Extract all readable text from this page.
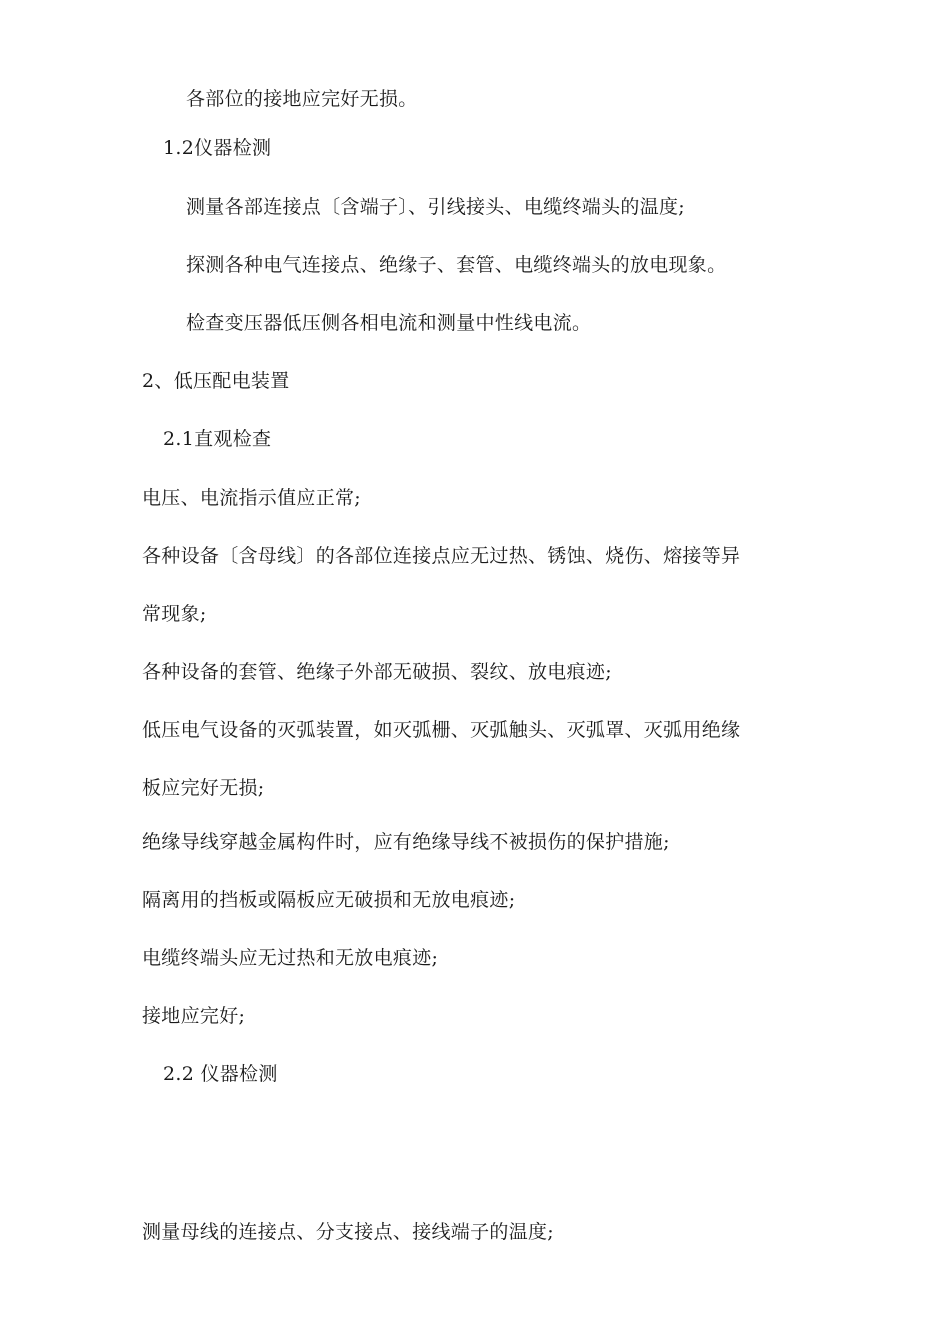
各部位的接地应完好无损。
1.2仪器检测
测量各部连接点〔含端子〕、引线接头、电缆终端头的温度;
探测各种电气连接点、绝缘子、套管、电缆终端头的放电现象。
检查变压器低压侧各相电流和测量中性线电流。
2、低压配电装置
2.1直观检查
电压、电流指示值应正常;
各种设备〔含母线〕的各部位连接点应无过热、锈蚀、烧伤、熔接等异
常现象;
各种设备的套管、绝缘子外部无破损、裂纹、放电痕迹;
低压电气设备的灭弧装置，如灭弧栅、灭弧触头、灭弧罩、灭弧用绝缘
板应完好无损;
绝缘导线穿越金属构件时，应有绝缘导线不被损伤的保护措施;
隔离用的挡板或隔板应无破损和无放电痕迹;
电缆终端头应无过热和无放电痕迹;
接地应完好;
2.2 仪器检测
测量母线的连接点、分支接点、接线端子的温度;
